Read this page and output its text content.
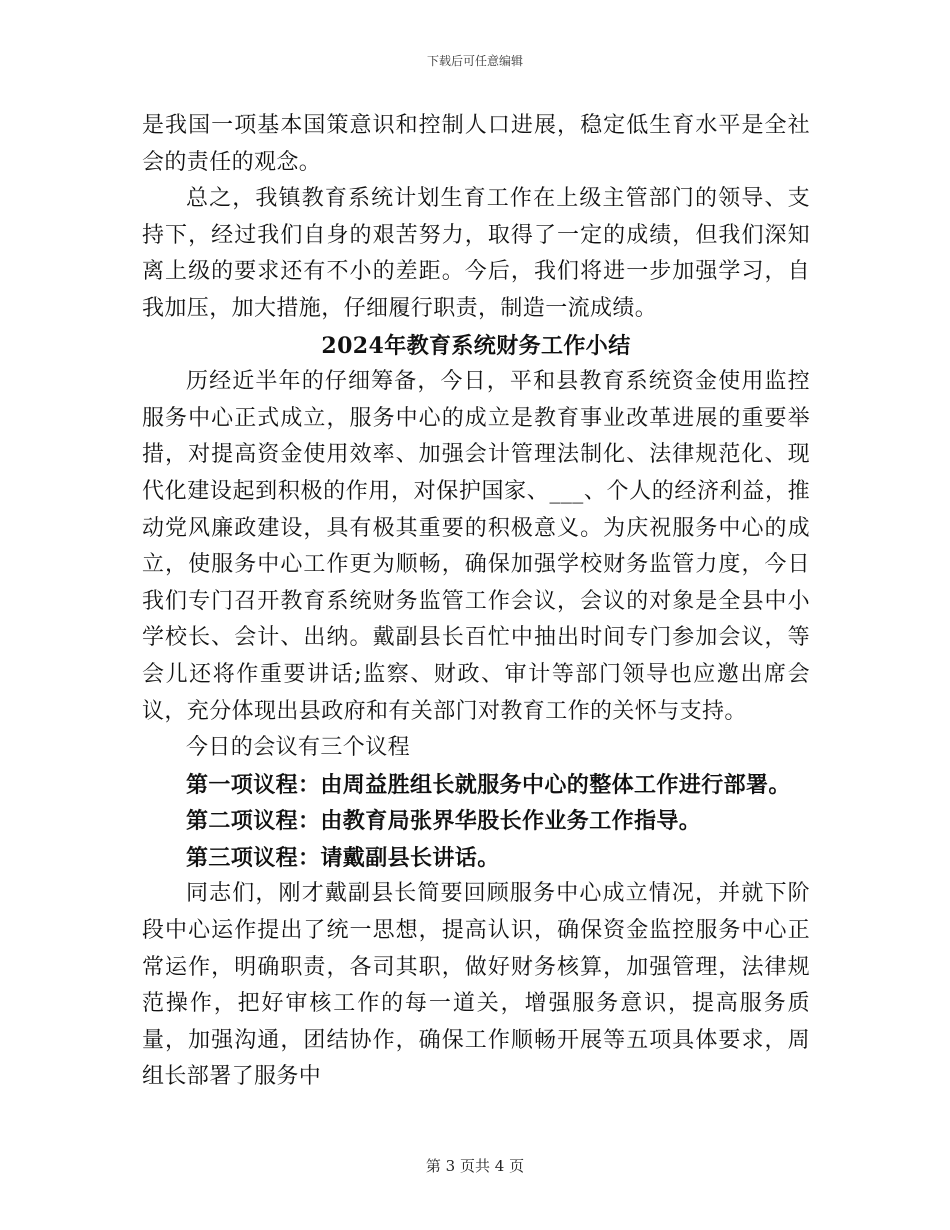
下载后可任意编辑

是我国一项基本国策意识和控制人口进展，稳定低生育水平是全社会的责任的观念。

总之，我镇教育系统计划生育工作在上级主管部门的领导、支持下，经过我们自身的艰苦努力，取得了一定的成绩，但我们深知离上级的要求还有不小的差距。今后，我们将进一步加强学习，自我加压，加大措施，仔细履行职责，制造一流成绩。

2024年教育系统财务工作小结

历经近半年的仔细筹备，今日，平和县教育系统资金使用监控服务中心正式成立，服务中心的成立是教育事业改革进展的重要举措，对提高资金使用效率、加强会计管理法制化、法律规范化、现代化建设起到积极的作用，对保护国家、___、个人的经济利益，推动党风廉政建设，具有极其重要的积极意义。为庆祝服务中心的成立，使服务中心工作更为顺畅，确保加强学校财务监管力度，今日我们专门召开教育系统财务监管工作会议，会议的对象是全县中小学校长、会计、出纳。戴副县长百忙中抽出时间专门参加会议，等会儿还将作重要讲话;监察、财政、审计等部门领导也应邀出席会议，充分体现出县政府和有关部门对教育工作的关怀与支持。

今日的会议有三个议程

第一项议程：由周益胜组长就服务中心的整体工作进行部署。

第二项议程：由教育局张界华股长作业务工作指导。

第三项议程：请戴副县长讲话。

同志们，刚才戴副县长简要回顾服务中心成立情况，并就下阶段中心运作提出了统一思想，提高认识，确保资金监控服务中心正常运作，明确职责，各司其职，做好财务核算，加强管理，法律规范操作，把好审核工作的每一道关，增强服务意识，提高服务质量，加强沟通，团结协作，确保工作顺畅开展等五项具体要求，周组长部署了服务中

第 3 页共 4 页
